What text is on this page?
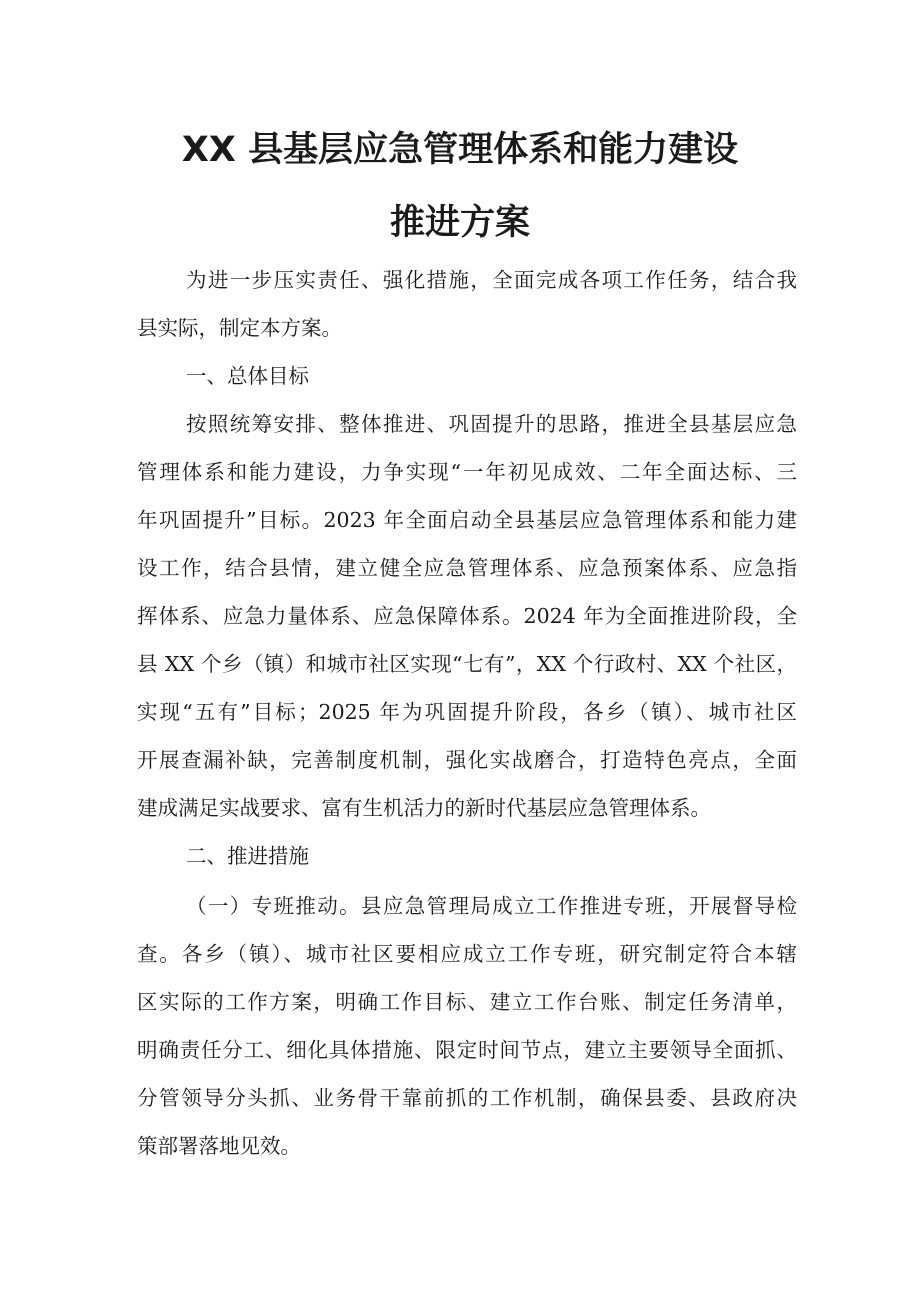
XX 县基层应急管理体系和能力建设
推进方案
为进一步压实责任、强化措施，全面完成各项工作任务，结合我
县实际，制定本方案。
一、总体目标
按照统筹安排、整体推进、巩固提升的思路，推进全县基层应急
管理体系和能力建设，力争实现“一年初见成效、二年全面达标、三
年巩固提升”目标。2023 年全面启动全县基层应急管理体系和能力建
设工作，结合县情，建立健全应急管理体系、应急预案体系、应急指
挥体系、应急力量体系、应急保障体系。2024 年为全面推进阶段，全
县 XX 个乡（镇）和城市社区实现“七有”，XX 个行政村、XX 个社区，
实现“五有”目标；2025 年为巩固提升阶段，各乡（镇）、城市社区
开展查漏补缺，完善制度机制，强化实战磨合，打造特色亮点，全面
建成满足实战要求、富有生机活力的新时代基层应急管理体系。
二、推进措施
（一）专班推动。县应急管理局成立工作推进专班，开展督导检
查。各乡（镇）、城市社区要相应成立工作专班，研究制定符合本辖
区实际的工作方案，明确工作目标、建立工作台账、制定任务清单，
明确责任分工、细化具体措施、限定时间节点，建立主要领导全面抓、
分管领导分头抓、业务骨干靠前抓的工作机制，确保县委、县政府决
策部署落地见效。
